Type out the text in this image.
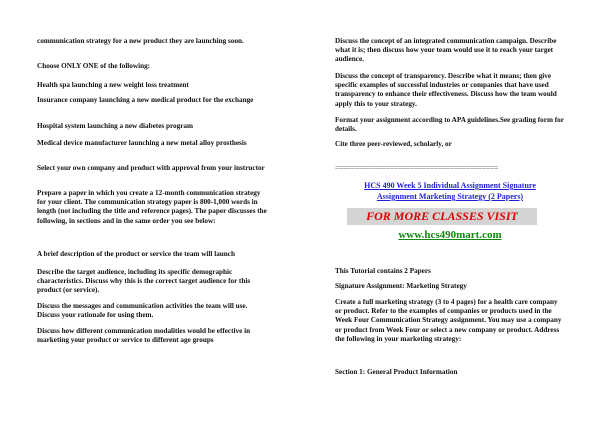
communication strategy for a new product they are launching soon.

Choose ONLY ONE of the following:

Health spa launching a new weight loss treatment

Insurance company launching a new medical product for the exchange

Hospital system launching a new diabetes program

Medical device manufacturer launching a new metal alloy prosthesis

Select your own company and product with approval from your instructor

Prepare a paper in which you create a 12-month communication strategy for your client. The communication strategy paper is 800-1,000 words in length (not including the title and reference pages). The paper discusses the following, in sections and in the same order you see below:

A brief description of the product or service the team will launch

Describe the target audience, including its specific demographic characteristics. Discuss why this is the correct target audience for this product (or service).

Discuss the messages and communication activities the team will use. Discuss your rationale for using them.

Discuss how different communication modalities would be effective in marketing your product or service to different age groups

Discuss the concept of an integrated communication campaign. Describe what it is; then discuss how your team would use it to reach your target audience.

Discuss the concept of transparency. Describe what it means; then give specific examples of successful industries or companies that have used transparency to enhance their effectiveness. Discuss how the team would apply this to your strategy.

Format your assignment according to APA guidelines.See grading form for details.

Cite three peer-reviewed, scholarly, or

=========================================
HCS 490 Week 5 Individual Assignment Signature
Assignment Marketing Strategy (2 Papers)
FOR MORE CLASSES VISIT
www.hcs490mart.com

This Tutorial contains 2 Papers

Signature Assignment: Marketing Strategy

Create a full marketing strategy (3 to 4 pages) for a health care company or product. Refer to the examples of companies or products used in the Week Four Communication Strategy assignment. You may use a company or product from Week Four or select a new company or product. Address the following in your marketing strategy:

Section 1: General Product Information
